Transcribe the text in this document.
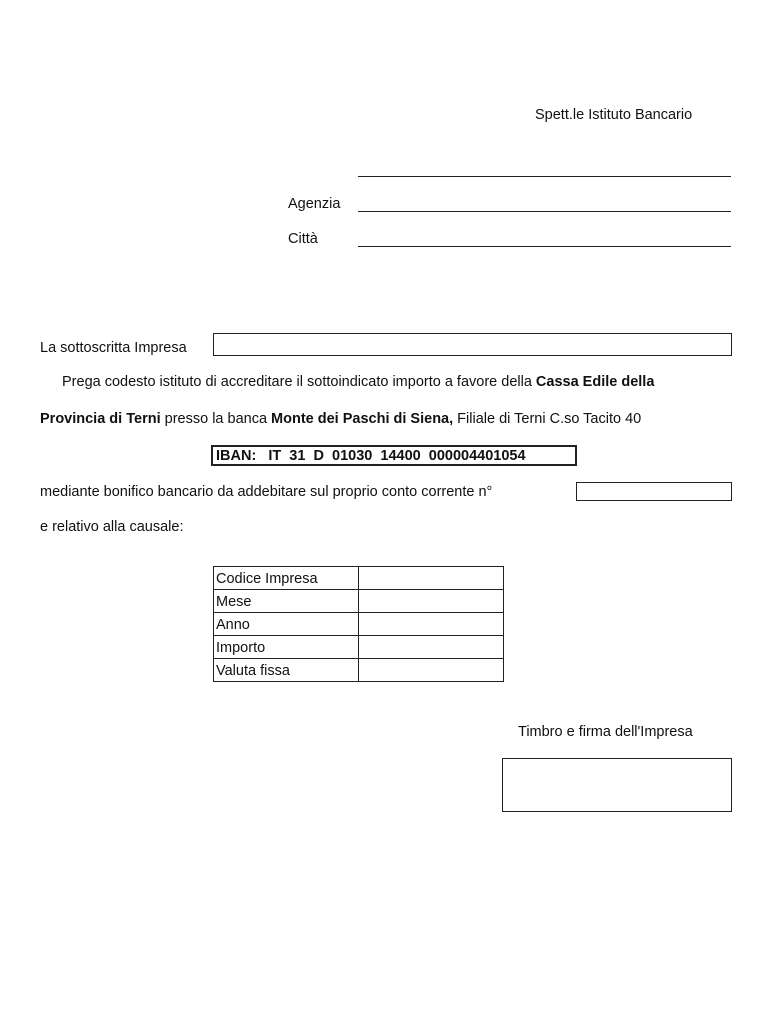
Spett.le Istituto Bancario
Agenzia
Città
La sottoscritta Impresa
Prega codesto istituto di accreditare il sottoindicato importo a favore della Cassa Edile della
Provincia di Terni presso la banca Monte dei Paschi di Siena, Filiale di Terni C.so Tacito 40
IBAN:   IT  31  D  01030  14400  000004401054
mediante bonifico bancario da addebitare sul proprio conto corrente n°
e relativo alla causale:
Codice Impresa	
Mese	
Anno	
Importo	
Valuta fissa	
Timbro e firma dell'Impresa
